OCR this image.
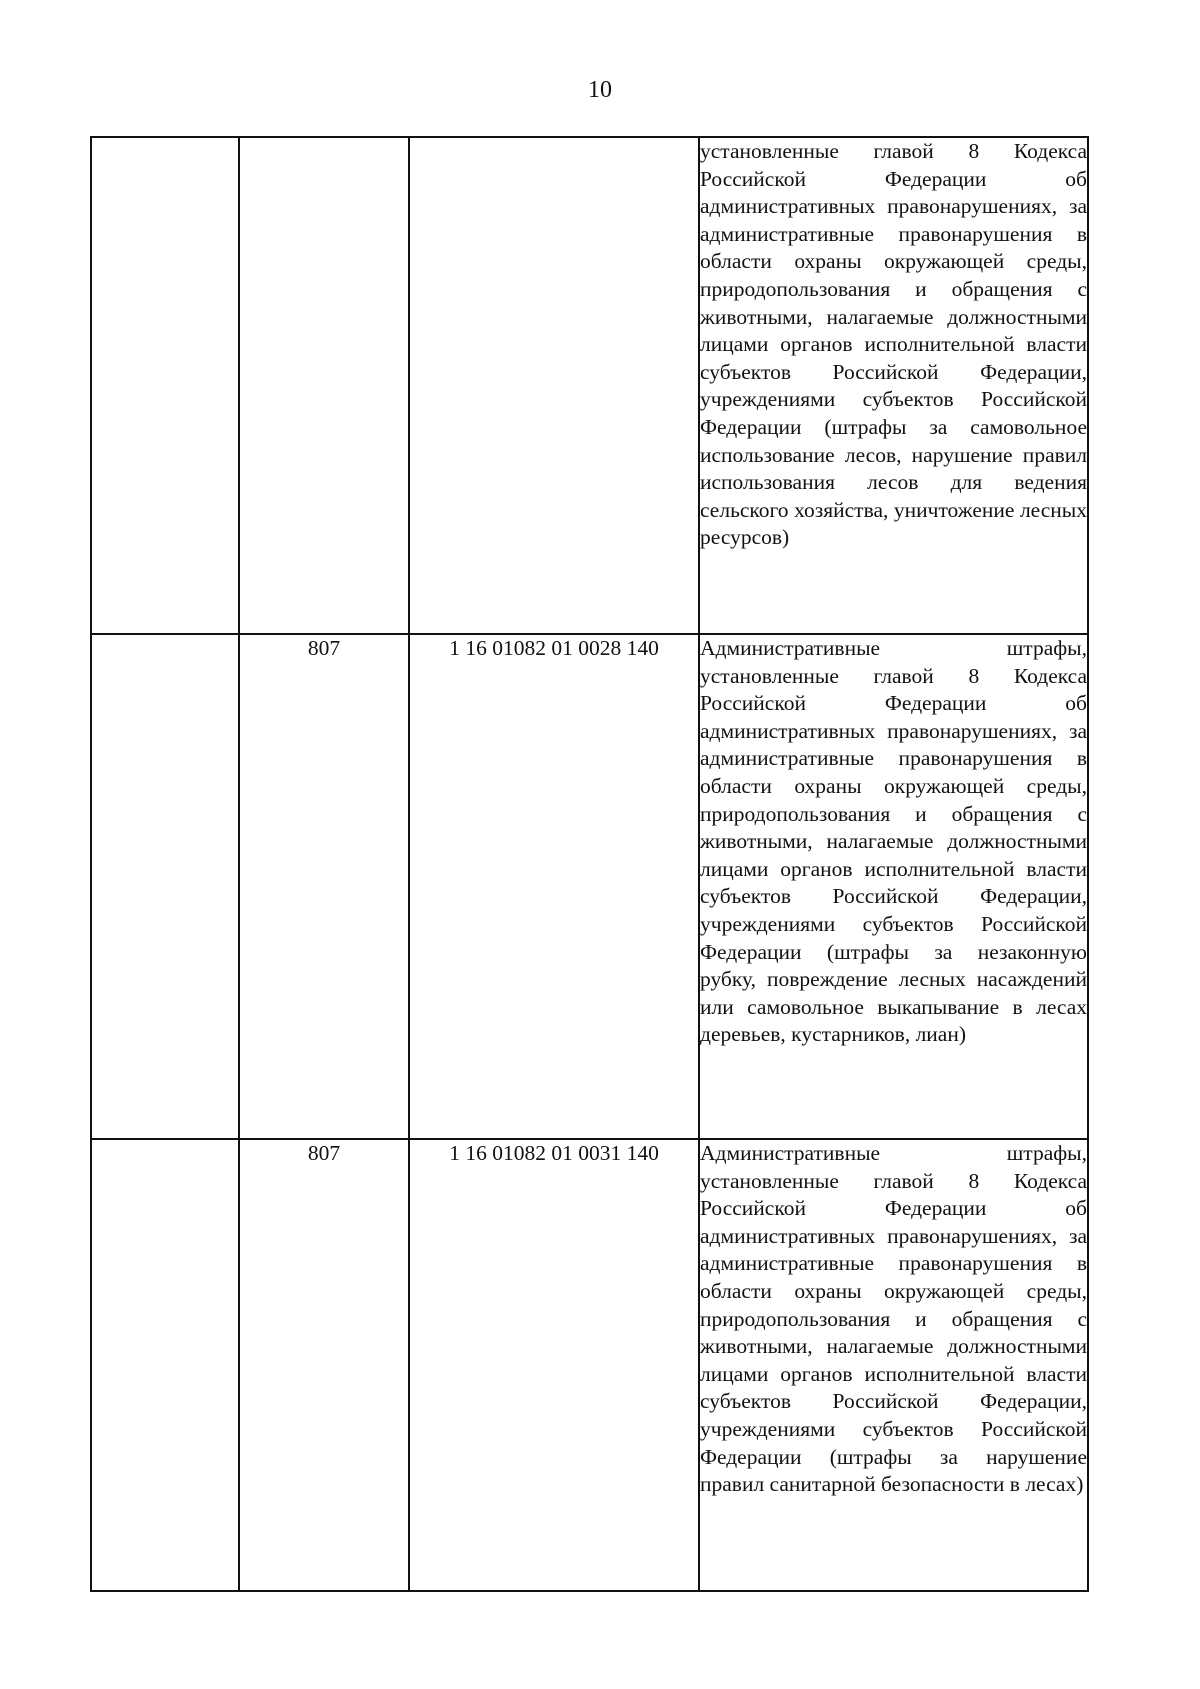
10
			установленные главой 8 Кодекса Российской Федерации об административных правонарушениях, за административные правонарушения в области охраны окружающей среды, природопользования и обращения с животными, налагаемые должностными лицами органов исполнительной власти субъектов Российской Федерации, учреждениями субъектов Российской Федерации (штрафы за самовольное использование лесов, нарушение правил использования лесов для ведения сельского хозяйства, уничтожение лесных ресурсов)
	807	1 16 01082 01 0028 140	Административные штрафы, установленные главой 8 Кодекса Российской Федерации об административных правонарушениях, за административные правонарушения в области охраны окружающей среды, природопользования и обращения с животными, налагаемые должностными лицами органов исполнительной власти субъектов Российской Федерации, учреждениями субъектов Российской Федерации (штрафы за незаконную рубку, повреждение лесных насаждений или самовольное выкапывание в лесах деревьев, кустарников, лиан)
	807	1 16 01082 01 0031 140	Административные штрафы, установленные главой 8 Кодекса Российской Федерации об административных правонарушениях, за административные правонарушения в области охраны окружающей среды, природопользования и обращения с животными, налагаемые должностными лицами органов исполнительной власти субъектов Российской Федерации, учреждениями субъектов Российской Федерации (штрафы за нарушение правил санитарной безопасности в лесах)
